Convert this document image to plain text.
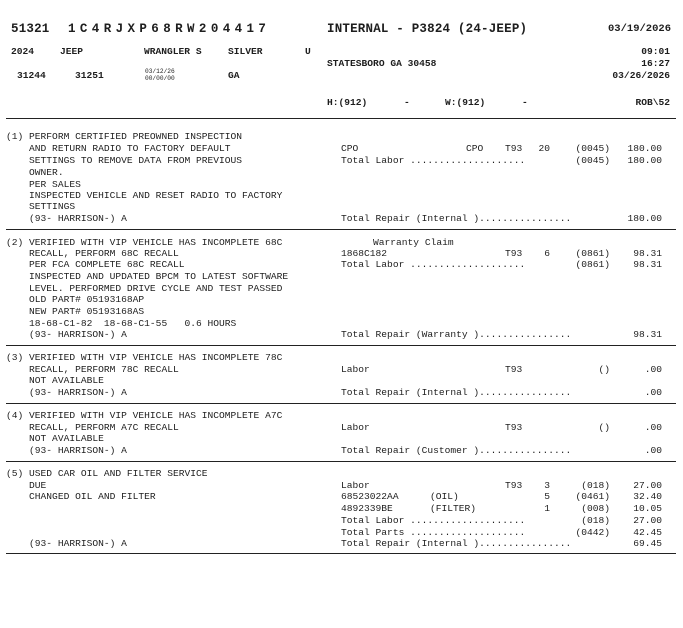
51321 1C4RJXP68RW204417	INTERNAL - P3824 (24-JEEP)	03/19/2026
2024	JEEP	WRANGLER S	SILVER	U	09:01
STATESBORO GA 30458	16:27
31244	31251	03/12/26
00/00/00	GA	03/26/2026
H:(912)	-	W:(912)	-	ROB\52
(1) PERFORM CERTIFIED PREOWNED INSPECTION
AND RETURN RADIO TO FACTORY DEFAULT
SETTINGS TO REMOVE DATA FROM PREVIOUS
OWNER.
PER SALES
INSPECTED VEHICLE AND RESET RADIO TO FACTORY
SETTINGS
(93- HARRISON-) A
CPO	CPO T93	20	(0045)	180.00
Total Labor ....................	(0045)	180.00
Total Repair (Internal )................	180.00
(2) VERIFIED WITH VIP VEHICLE HAS INCOMPLETE 68C
RECALL, PERFORM 68C RECALL
PER FCA COMPLETE 68C RECALL
INSPECTED AND UPDATED BPCM TO LATEST SOFTWARE
LEVEL. PERFORMED DRIVE CYCLE AND TEST PASSED
OLD PART# 05193168AP
NEW PART# 05193168AS
18-68-C1-82  18-68-C1-55   0.6 HOURS
(93- HARRISON-) A
Warranty Claim
1868C182	T93	6	(0861)	98.31
Total Labor ....................	(0861)	98.31
Total Repair (Warranty )................	98.31
(3) VERIFIED WITH VIP VEHICLE HAS INCOMPLETE 78C
RECALL, PERFORM 78C RECALL
NOT AVAILABLE
(93- HARRISON-) A
Labor	T93	()	.00
Total Repair (Internal )................	.00
(4) VERIFIED WITH VIP VEHICLE HAS INCOMPLETE A7C
RECALL, PERFORM A7C RECALL
NOT AVAILABLE
(93- HARRISON-) A
Labor	T93	()	.00
Total Repair (Customer )................	.00
(5) USED CAR OIL AND FILTER SERVICE
DUE
CHANGED OIL AND FILTER
(93- HARRISON-) A
Labor	T93	3	(018)	27.00
68523022AA	(OIL)	5	(0461)	32.40
4892339BE	(FILTER)	1	(008)	10.05
Total Labor ....................	(018)	27.00
Total Parts ....................	(0442)	42.45
Total Repair (Internal )................	69.45
